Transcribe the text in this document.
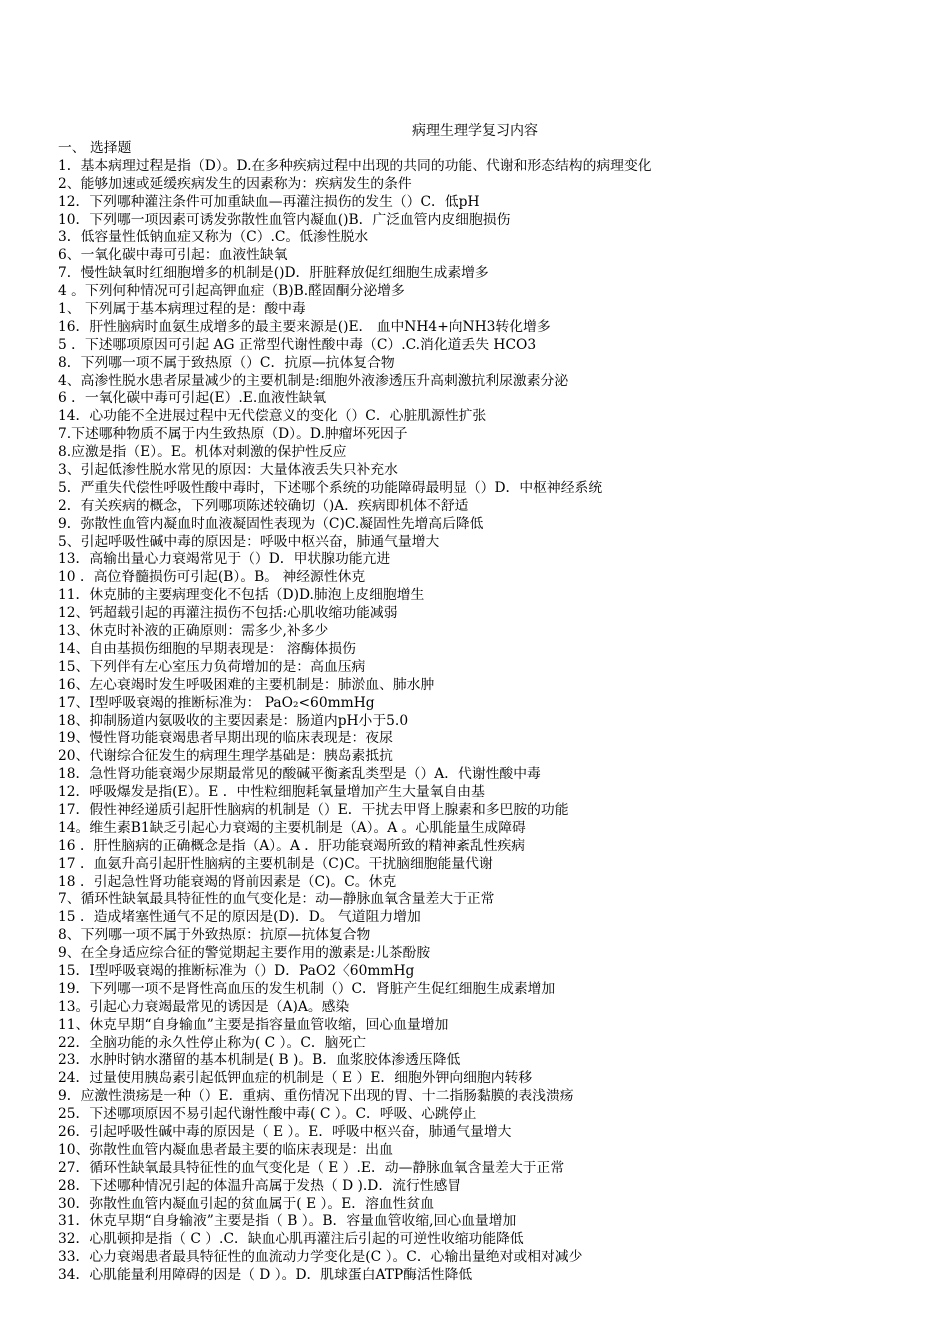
病理生理学复习内容
一、 选择题
1．基本病理过程是指（D）。D.在多种疾病过程中出现的共同的功能、代谢和形态结构的病理变化
2、能够加速或延缓疾病发生的因素称为：疾病发生的条件
12．下列哪种灌注条件可加重缺血—再灌注损伤的发生（）C．低pH
10．下列哪一项因素可诱发弥散性血管内凝血()B．广泛血管内皮细胞损伤
3．低容量性低钠血症又称为（C）.C。低渗性脱水
6、一氧化碳中毒可引起：血液性缺氧
7．慢性缺氧时红细胞增多的机制是()D．肝脏释放促红细胞生成素增多
4 。下列何种情况可引起高钾血症（B)B.醛固酮分泌增多
1、 下列属于基本病理过程的是：酸中毒
16．肝性脑病时血氨生成增多的最主要来源是()E． 血中NH4+向NH3转化增多
5 ．下述哪项原因可引起 AG 正常型代谢性酸中毒（C）.C.消化道丢失 HCO3
8．下列哪一项不属于致热原（）C．抗原—抗体复合物
4、高渗性脱水患者尿量减少的主要机制是:细胞外液渗透压升高刺激抗利尿激素分泌
6 ．一氧化碳中毒可引起(E）.E.血液性缺氧
14．心功能不全进展过程中无代偿意义的变化（）C．心脏肌源性扩张
7.下述哪种物质不属于内生致热原（D）。D.肿瘤坏死因子
8.应激是指（E）。E。机体对刺激的保护性反应
3、引起低渗性脱水常见的原因：大量体液丢失只补充水
5．严重失代偿性呼吸性酸中毒时，下述哪个系统的功能障碍最明显（）D．中枢神经系统
2．有关疾病的概念，下列哪项陈述较确切（)A．疾病即机体不舒适
9．弥散性血管内凝血时血液凝固性表现为（C)C.凝固性先增高后降低
5、引起呼吸性碱中毒的原因是：呼吸中枢兴奋，肺通气量增大
13．高输出量心力衰竭常见于（）D．甲状腺功能亢进
10 ．高位脊髓损伤可引起(B）。B。 神经源性休克
11．休克肺的主要病理变化不包括（D)D.肺泡上皮细胞增生
12、钙超载引起的再灌注损伤不包括:心肌收缩功能减弱
13、休克时补液的正确原则：需多少,补多少
14、自由基损伤细胞的早期表现是： 溶酶体损伤
15、下列伴有左心室压力负荷增加的是：高血压病
16、左心衰竭时发生呼吸困难的主要机制是：肺淤血、肺水肿
17、I型呼吸衰竭的推断标准为： PaO₂<60mmHg
18、抑制肠道内氨吸收的主要因素是：肠道内pH小于5.0
19、慢性肾功能衰竭患者早期出现的临床表现是：夜尿
20、代谢综合征发生的病理生理学基础是：胰岛素抵抗
18．急性肾功能衰竭少尿期最常见的酸碱平衡紊乱类型是（）A．代谢性酸中毒
12．呼吸爆发是指(E）。E ．中性粒细胞耗氧量增加产生大量氧自由基
17．假性神经递质引起肝性脑病的机制是（）E．干扰去甲肾上腺素和多巴胺的功能
14。维生素B1缺乏引起心力衰竭的主要机制是（A）。A 。心肌能量生成障碍
16 ．肝性脑病的正确概念是指（A）。A ．肝功能衰竭所致的精神紊乱性疾病
17 ．血氨升高引起肝性脑病的主要机制是（C)C。干扰脑细胞能量代谢
18 ．引起急性肾功能衰竭的肾前因素是（C)。C。休克
7、循环性缺氧最具特征性的血气变化是：动—静脉血氧含量差大于正常
15 ．造成堵塞性通气不足的原因是(D)．D。 气道阻力增加
8、下列哪一项不属于外致热原：抗原—抗体复合物
9、在全身适应综合征的警觉期起主要作用的激素是:儿茶酚胺
15．I型呼吸衰竭的推断标准为（）D．PaO2〈60mmHg
19．下列哪一项不是肾性高血压的发生机制（）C．肾脏产生促红细胞生成素增加
13。引起心力衰竭最常见的诱因是（A)A。感染
11、休克早期“自身输血”主要是指容量血管收缩，回心血量增加
22．全脑功能的永久性停止称为( C ）。C．脑死亡
23．水肿时钠水潴留的基本机制是( B )。B．血浆胶体渗透压降低
24．过量使用胰岛素引起低钾血症的机制是（ E ）E．细胞外钾向细胞内转移
9．应激性溃疡是一种（）E．重病、重伤情况下出现的胃、十二指肠黏膜的表浅溃疡
25．下述哪项原因不易引起代谢性酸中毒( C ）。C．呼吸、心跳停止
26．引起呼吸性碱中毒的原因是（ E ）。E．呼吸中枢兴奋，肺通气量增大
10、弥散性血管内凝血患者最主要的临床表现是：出血
27．循环性缺氧最具特征性的血气变化是（ E ）.E．动—静脉血氧含量差大于正常
28．下述哪种情况引起的体温升高属于发热（ D ).D．流行性感冒
30．弥散性血管内凝血引起的贫血属于( E ）。E．溶血性贫血
31．休克早期“自身输液”主要是指（ B ）。B．容量血管收缩,回心血量增加
32．心肌顿抑是指（ C ）.C．缺血心肌再灌注后引起的可逆性收缩功能降低
33．心力衰竭患者最具特征性的血流动力学变化是(C ）。C．心输出量绝对或相对减少
34．心肌能量利用障碍的因是（ D ）。D．肌球蛋白ATP酶活性降低
